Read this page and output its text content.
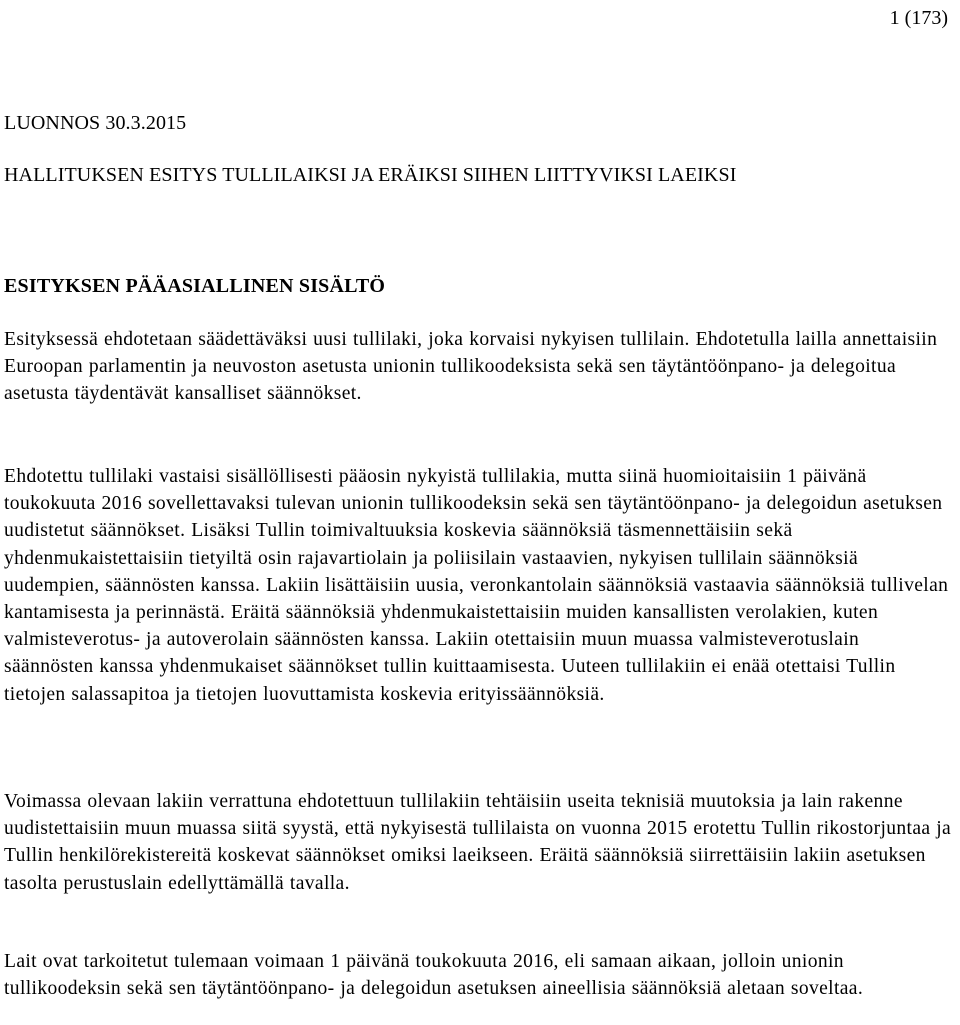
1 (173)
LUONNOS 30.3.2015
HALLITUKSEN ESITYS TULLILAIKSI JA ERÄIKSI SIIHEN LIITTYVIKSI LAEIKSI
ESITYKSEN PÄÄASIALLINEN SISÄLTÖ

Esityksessä ehdotetaan säädettäväksi uusi tullilaki, joka korvaisi nykyisen tullilain. Ehdotetulla lailla annettaisiin Euroopan parlamentin ja neuvoston asetusta unionin tullikoodeksista sekä sen täytäntöönpano- ja delegoitua asetusta täydentävät kansalliset säännökset.

Ehdotettu tullilaki vastaisi sisällöllisesti pääosin nykyistä tullilakia, mutta siinä huomioitaisiin 1 päivänä toukokuuta 2016 sovellettavaksi tulevan unionin tullikoodeksin sekä sen täytäntöönpano- ja delegoidun asetuksen uudistetut säännökset. Lisäksi Tullin toimivaltuuksia koskevia säännöksiä täsmennettäisiin sekä yhdenmukaistettaisiin tietyiltä osin rajavartiolain ja poliisilain vastaavien, nykyisen tullilain säännöksiä uudempien, säännösten kanssa. Lakiin lisättäisiin uusia, veronkantolain säännöksiä vastaavia säännöksiä tullivelan kantamisesta ja perinnästä. Eräitä säännöksiä yhdenmukaistettaisiin muiden kansallisten verolakien, kuten valmisteverotus- ja autoverolain säännösten kanssa. Lakiin otettaisiin muun muassa valmisteverotuslain säännösten kanssa yhdenmukaiset säännökset tullin kuittaamisesta. Uuteen tullilakiin ei enää otettaisi Tullin tietojen salassapitoa ja tietojen luovuttamista koskevia erityissäännöksiä.

Voimassa olevaan lakiin verrattuna ehdotettuun tullilakiin tehtäisiin useita teknisiä muutoksia ja lain rakenne uudistettaisiin muun muassa siitä syystä, että nykyisestä tullilaista on vuonna 2015 erotettu Tullin rikostorjuntaa ja Tullin henkilörekistereitä koskevat säännökset omiksi laeikseen. Eräitä säännöksiä siirrettäisiin lakiin asetuksen tasolta perustuslain edellyttämällä tavalla.

Lait ovat tarkoitetut tulemaan voimaan 1 päivänä toukokuuta 2016, eli samaan aikaan, jolloin unionin tullikoodeksin sekä sen täytäntöönpano- ja delegoidun asetuksen aineellisia säännöksiä aletaan soveltaa.
